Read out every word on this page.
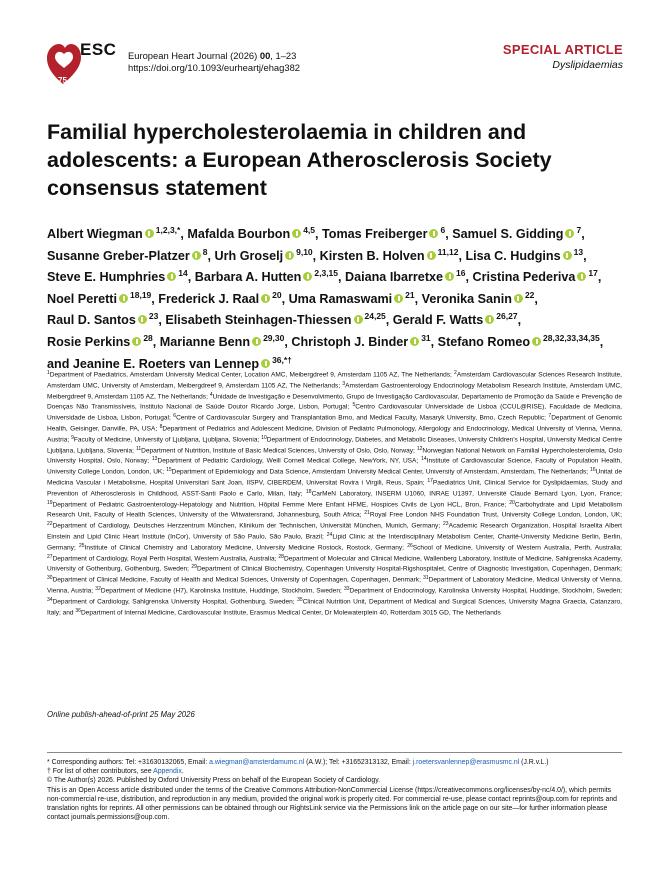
75
ESC European Heart Journal (2026) 00, 1–23
https://doi.org/10.1093/eurheartj/ehag382
SPECIAL ARTICLE
Dyslipidaemias
Familial hypercholesterolaemia in children and adolescents: a European Atherosclerosis Society consensus statement
Albert Wiegman $^{1,2,3,*}$, Mafalda Bourbon $^{4,5}$, Tomas Freiberger $^6$, Samuel S. Gidding $^7$, Susanne Greber-Platzer $^8$, Urh Groselj $^{9,10}$, Kirsten B. Holven $^{11,12}$, Lisa C. Hudgins $^{13}$, Steve E. Humphries $^{14}$, Barbara A. Hutten $^{2,3,15}$, Daiana Ibarretxe $^{16}$, Cristina Pederiva $^{17}$, Noel Peretti $^{18,19}$, Frederick J. Raal $^{20}$, Uma Ramaswami $^{21}$, Veronika Sanin $^{22}$, Raul D. Santos $^{23}$, Elisabeth Steinhagen-Thiessen $^{24,25}$, Gerald F. Watts $^{26,27}$, Rosie Perkins $^{28}$, Marianne Benn $^{29,30}$, Christoph J. Binder $^{31}$, Stefano Romeo $^{28,32,33,34,35}$, and Jeanine E. Roeters van Lennep $^{36,*\dagger}$
$^1$Department of Paediatrics, Amsterdam University Medical Center, Location AMC, Meibergdreef 9, Amsterdam 1105 AZ, The Netherlands; $^2$Amsterdam Cardiovascular Sciences Research Institute, Amsterdam UMC, University of Amsterdam, Meibergdreef 9, Amsterdam 1105 AZ, The Netherlands; $^3$Amsterdam Gastroenterology Endocrinology Metabolism Research Institute, Amsterdam UMC, Meibergdreef 9, Amsterdam 1105 AZ, The Netherlands; $^4$Unidade de Investigação e Desenvolvimento, Grupo de Investigação Cardiovascular, Departamento de Promoção da Saúde e Prevenção de Doenças Não Transmissíveis, Instituto Nacional de Saúde Doutor Ricardo Jorge, Lisbon, Portugal; $^5$Centro Cardiovascular Universidade de Lisboa (CCUL@RISE), Faculdade de Medicina, Universidade de Lisboa, Lisbon, Portugal; $^6$Centre of Cardiovascular Surgery and Transplantation Brno, and Medical Faculty, Masaryk University, Brno, Czech Republic; $^7$Department of Genomic Health, Geisinger, Danville, PA, USA; $^8$Department of Pediatrics and Adolescent Medicine, Division of Pediatric Pulmonology, Allergology and Endocrinology, Medical University of Vienna, Vienna, Austria; $^9$Faculty of Medicine, University of Ljubljana, Ljubljana, Slovenia; $^{10}$Department of Endocrinology, Diabetes, and Metabolic Diseases, University Children's Hospital, University Medical Centre Ljubljana, Ljubljana, Slovenia; $^{11}$Department of Nutrition, Institute of Basic Medical Sciences, University of Oslo, Oslo, Norway; $^{12}$Norwegian National Network on Familial Hypercholesterolemia, Oslo University Hospital, Oslo, Norway; $^{13}$Department of Pediatric Cardiology, Weill Cornell Medical College, NewYork, NY, USA; $^{14}$Institute of Cardiovascular Science, Faculty of Population Health, University College London, London, UK; $^{15}$Department of Epidemiology and Data Science, Amsterdam University Medical Center, University of Amsterdam, Amsterdam, The Netherlands; $^{16}$Unitat de Medicina Vascular i Metabolisme, Hospital Universitari Sant Joan, IISPV, CIBERDEM, Universitat Rovira i Virgili, Reus, Spain; $^{17}$Paediatrics Unit, Clinical Service for Dyslipidaemias, Study and Prevention of Atherosclerosis in Childhood, ASST-Santi Paolo e Carlo, Milan, Italy; $^{18}$CarMeN Laboratory, INSERM U1060, INRAE U1397, Université Claude Bernard Lyon, Lyon, France; $^{19}$Department of Pediatric Gastroenterology-Hepatology and Nutrition, Hôpital Femme Mere Enfant HFME, Hospices Civils de Lyon HCL, Bron, France; $^{20}$Carbohydrate and Lipid Metabolism Research Unit, Faculty of Health Sciences, University of the Witwatersrand, Johannesburg, South Africa; $^{21}$Royal Free London NHS Foundation Trust, University College London, London, UK; $^{22}$Department of Cardiology, Deutsches Herzzentrum München, Klinikum der Technischen, Universität München, Munich, Germany; $^{23}$Academic Research Organization, Hospital Israelita Albert Einstein and Lipid Clinic Heart Institute (InCor), University of São Paulo, São Paulo, Brazil; $^{24}$Lipid Clinic at the Interdisciplinary Metabolism Center, Charité-University Medicine Berlin, Berlin, Germany; $^{25}$Institute of Clinical Chemistry and Laboratory Medicine, University Medicine Rostock, Rostock, Germany; $^{26}$School of Medicine, University of Western Australia, Perth, Australia; $^{27}$Department of Cardiology, Royal Perth Hospital, Western Australia, Australia; $^{28}$Department of Molecular and Clinical Medicine, Wallenberg Laboratory, Institute of Medicine, Sahlgrenska Academy, University of Gothenburg, Gothenburg, Sweden; $^{29}$Department of Clinical Biochemistry, Copenhagen University Hospital-Rigshospitalet, Centre of Diagnostic Investigation, Copenhagen, Denmark; $^{30}$Department of Clinical Medicine, Faculty of Health and Medical Sciences, University of Copenhagen, Copenhagen, Denmark; $^{31}$Department of Laboratory Medicine, Medical University of Vienna, Vienna, Austria; $^{32}$Department of Medicine (H7), Karolinska Institute, Huddinge, Stockholm, Sweden; $^{33}$Department of Endocrinology, Karolinska University Hospital, Huddinge, Stockholm, Sweden; $^{34}$Department of Cardiology, Sahlgrenska University Hospital, Gothenburg, Sweden; $^{35}$Clinical Nutrition Unit, Department of Medical and Surgical Sciences, University Magna Graecia, Catanzaro, Italy; and $^{36}$Department of Internal Medicine, Cardiovascular Institute, Erasmus Medical Center, Dr Molewaterplein 40, Rotterdam 3015 GD, The Netherlands
Online publish-ahead-of-print 25 May 2026

* Corresponding authors: Tel: +31630132065, Email: a.wiegman@amsterdamumc.nl (A.W.); Tel: +31652313132, Email: j.roetersvanlennep@erasmusmc.nl (J.R.v.L.)

† For list of other contributors, see Appendix.

© The Author(s) 2026. Published by Oxford University Press on behalf of the European Society of Cardiology.

This is an Open Access article distributed under the terms of the Creative Commons Attribution-NonCommercial License (https://creativecommons.org/licenses/by-nc/4.0/), which permits non-commercial re-use, distribution, and reproduction in any medium, provided the original work is properly cited. For commercial re-use, please contact reprints@oup.com for reprints and translation rights for reprints. All other permissions can be obtained through our RightsLink service via the Permissions link on the article page on our site—for further information please contact journals.permissions@oup.com.
